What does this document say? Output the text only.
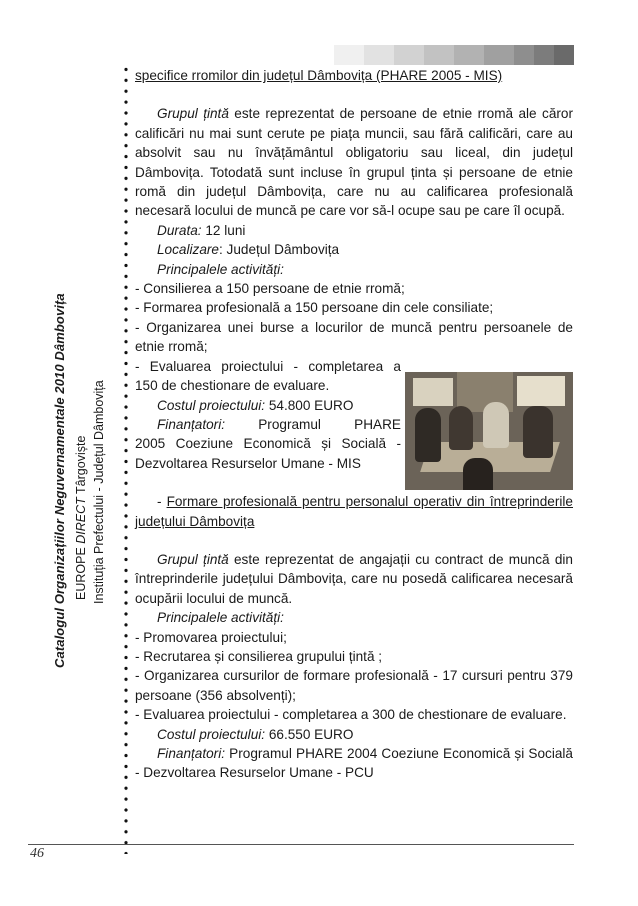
Catalogul Organizațiilor Neguvernamentale 2010 Dâmbovița EUROPE DIRECT Târgoviște Instituția Prefectului - Județul Dâmbovița

specifice rromilor din județul Dâmbovița (PHARE 2005 - MIS)

Grupul țintă este reprezentat de persoane de etnie rromă ale căror calificări nu mai sunt cerute pe piața muncii, sau fără calificări, care au absolvit sau nu învățământul obligatoriu sau liceal, din județul Dâmbovița. Totodată sunt incluse în grupul ținta și persoane de etnie romă din județul Dâmbovița, care nu au calificarea profesională necesară locului de muncă pe care vor să-l ocupe sau pe care îl ocupă.

Durata: 12 luni

Localizare: Județul Dâmbovița

Principalele activități:

- Consilierea a 150 persoane de etnie rromă;

- Formarea profesională a 150 persoane din cele consiliate;

- Organizarea unei burse a locurilor de muncă pentru persoanele de etnie rromă;

- Evaluarea proiectului - completarea a

150 de chestionare de evaluare.

Costul proiectului: 54.800 EURO

Finanțatori: Programul PHARE

2005 Coeziune Economică și Socială -

Dezvoltarea Resurselor Umane - MIS

- Formare profesională pentru personalul operativ din întreprinderile județului Dâmbovița

Grupul țintă este reprezentat de angajații cu contract de muncă din întreprinderile județului Dâmbovița, care nu posedă calificarea necesară ocupării locului de muncă.

Principalele activități:

- Promovarea proiectului;

- Recrutarea și consilierea grupului țintă ;

- Organizarea cursurilor de formare profesională - 17 cursuri pentru 379 persoane (356 absolvenți);

- Evaluarea proiectului - completarea a 300 de chestionare de evaluare.

Costul proiectului: 66.550 EURO

Finanțatori: Programul PHARE 2004 Coeziune Economică și Socială - Dezvoltarea Resurselor Umane - PCU

46
